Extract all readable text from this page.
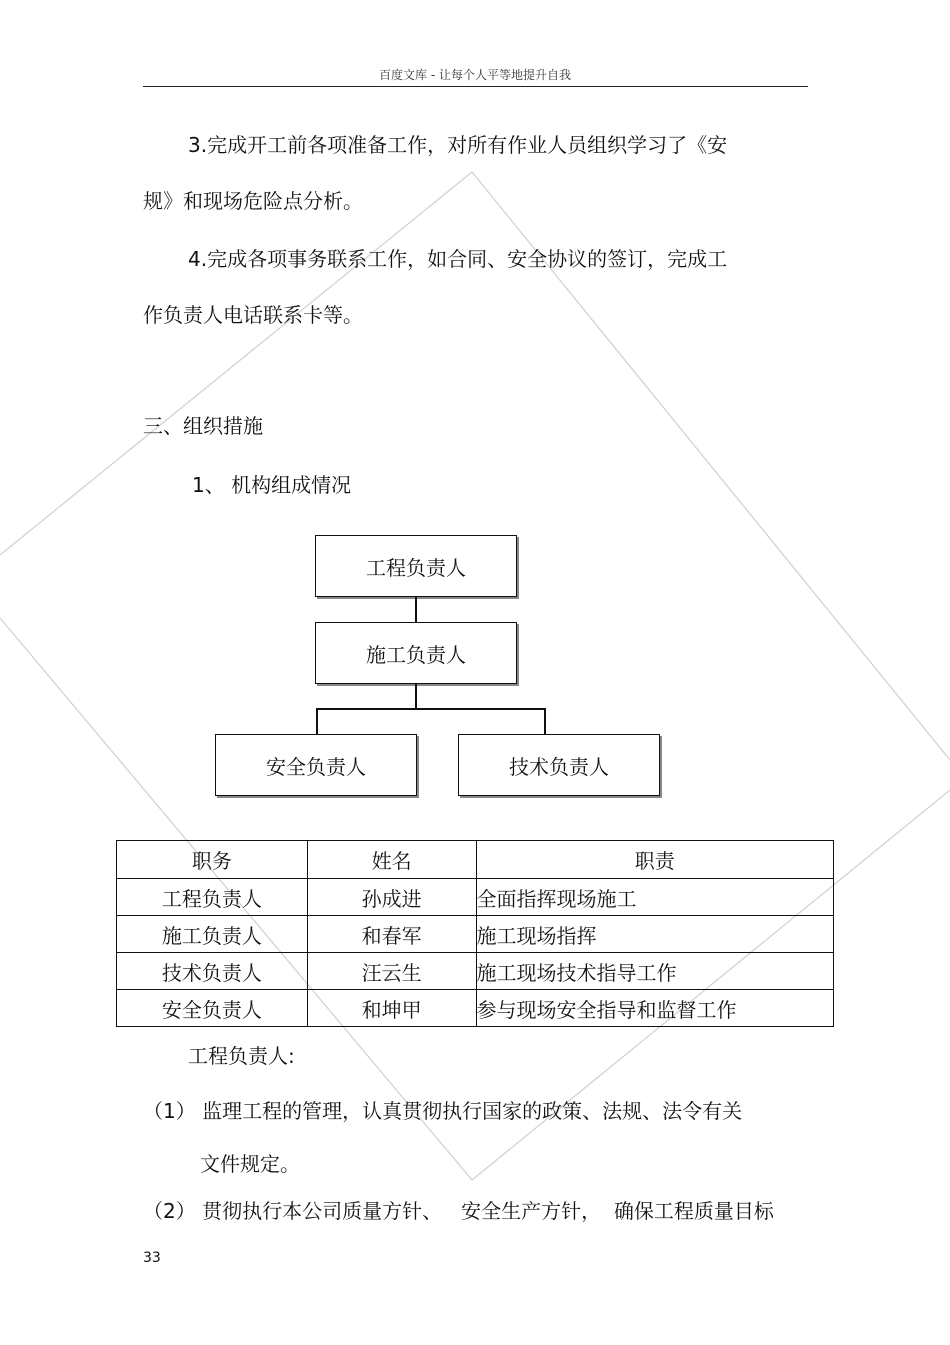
百度文库 - 让每个人平等地提升自我
3.完成开工前各项准备工作，对所有作业人员组织学习了《安
规》和现场危险点分析。
4.完成各项事务联系工作，如合同、安全协议的签订，完成工
作负责人电话联系卡等。
三、组织措施
1、 机构组成情况
工程负责人
施工负责人
安全负责人	技术负责人
职务	姓名	职责
工程负责人	孙成进	全面指挥现场施工
施工负责人	和春军	施工现场指挥
技术负责人	汪云生	施工现场技术指导工作
安全负责人	和坤甲	参与现场安全指导和监督工作
工程负责人:
（1） 监理工程的管理，认真贯彻执行国家的政策、法规、法令有关
文件规定。
（2） 贯彻执行本公司质量方针、   安全生产方针，  确保工程质量目标
33
